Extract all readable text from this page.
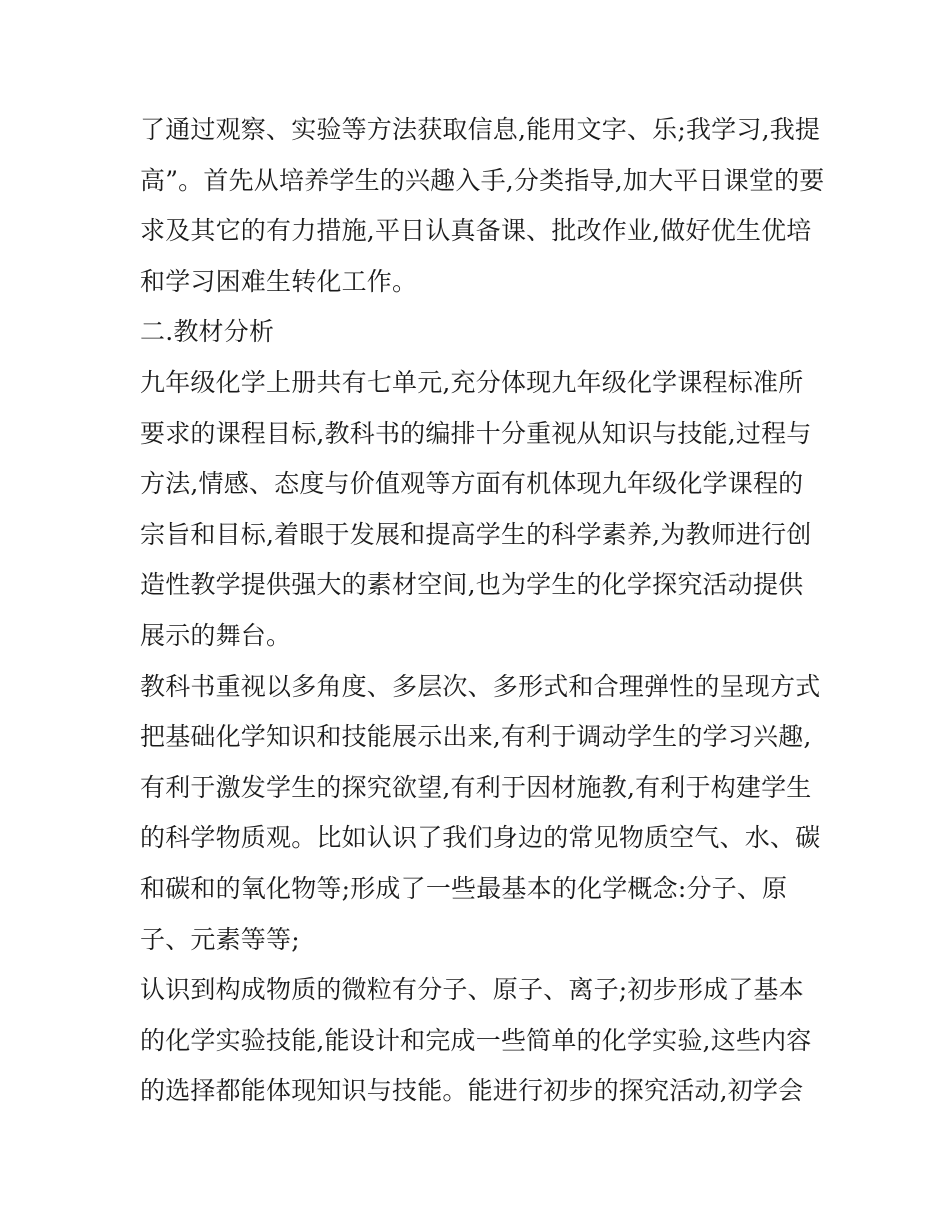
了通过观察、实验等方法获取信息,能用文字、乐;我学习,我提
高”。首先从培养学生的兴趣入手,分类指导,加大平日课堂的要
求及其它的有力措施,平日认真备课、批改作业,做好优生优培
和学习困难生转化工作。
二.教材分析
九年级化学上册共有七单元,充分体现九年级化学课程标准所
要求的课程目标,教科书的编排十分重视从知识与技能,过程与
方法,情感、态度与价值观等方面有机体现九年级化学课程的
宗旨和目标,着眼于发展和提高学生的科学素养,为教师进行创
造性教学提供强大的素材空间,也为学生的化学探究活动提供
展示的舞台。
教科书重视以多角度、多层次、多形式和合理弹性的呈现方式
把基础化学知识和技能展示出来,有利于调动学生的学习兴趣,
有利于激发学生的探究欲望,有利于因材施教,有利于构建学生
的科学物质观。比如认识了我们身边的常见物质空气、水、碳
和碳和的氧化物等;形成了一些最基本的化学概念:分子、原
子、元素等等;
认识到构成物质的微粒有分子、原子、离子;初步形成了基本
的化学实验技能,能设计和完成一些简单的化学实验,这些内容
的选择都能体现知识与技能。能进行初步的探究活动,初学会
